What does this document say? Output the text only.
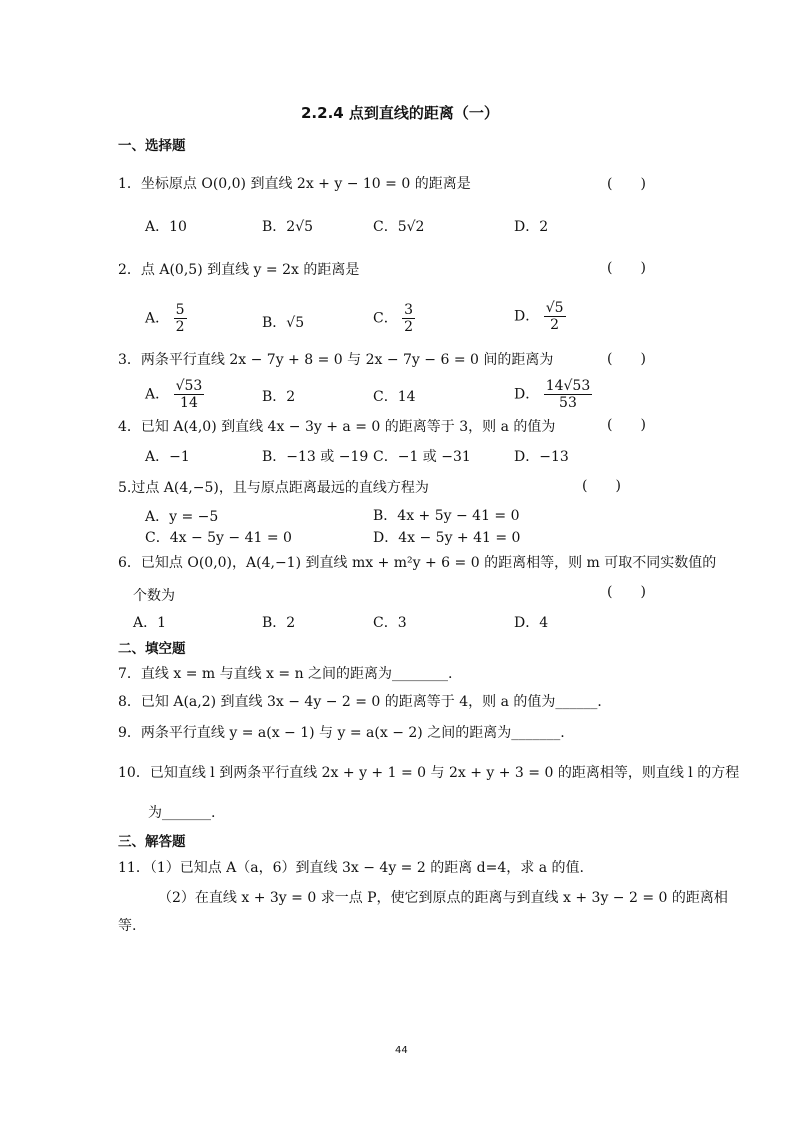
2.2.4 点到直线的距离（一）
一、选择题
1．坐标原点 O(0,0) 到直线 2x + y − 10 = 0 的距离是	(　　)
A．10	B．2√5	C．5√2	D．2
2．点 A(0,5) 到直线 y = 2x 的距离是	(　　)
A． $\frac{5}{2}$	B．√5	C． $\frac{3}{2}$	D． $\frac{√5}{2}$
3．两条平行直线 2x − 7y + 8 = 0 与 2x − 7y − 6 = 0 间的距离为	(　　)
A． $\frac{√53}{14}$	B．2	C．14	D． $\frac{14√53}{53}$
4．已知 A(4,0) 到直线 4x − 3y + a = 0 的距离等于 3，则 a 的值为	(　　)
A．−1	B．−13 或 −19 C．−1 或 −31	D．−13
5.过点 A(4,−5)，且与原点距离最远的直线方程为	(　　)
A．y = −5	B．4x + 5y − 41 = 0
C．4x − 5y − 41 = 0	D．4x − 5y + 41 = 0
6．已知点 O(0,0)，A(4,−1) 到直线 mx + m²y + 6 = 0 的距离相等，则 m 可取不同实数值的
个数为	(　　)
A．1	B．2	C．3	D．4
二、填空题
7．直线 x = m 与直线 x = n 之间的距离为________.
8．已知 A(a,2) 到直线 3x − 4y − 2 = 0 的距离等于 4，则 a 的值为______．
9．两条平行直线 y = a(x − 1) 与 y = a(x − 2) 之间的距离为_______.
10．已知直线 l 到两条平行直线 2x + y + 1 = 0 与 2x + y + 3 = 0 的距离相等，则直线 l 的方程
为_______.
三、解答题
11．（1）已知点 A（a，6）到直线 3x − 4y = 2 的距离 d=4，求 a 的值.
（2）在直线 x + 3y = 0 求一点 P，使它到原点的距离与到直线 x + 3y − 2 = 0 的距离相
等.
44
